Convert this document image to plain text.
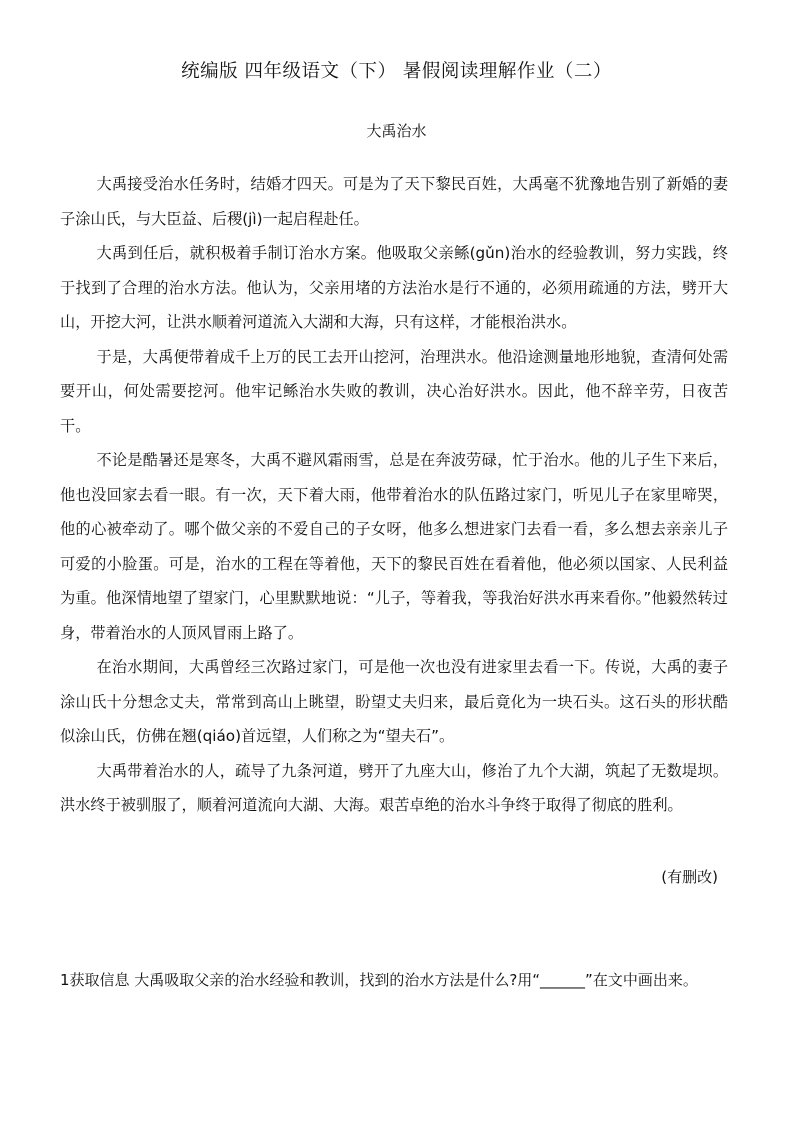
统编版 四年级语文（下） 暑假阅读理解作业（二）
大禹治水

大禹接受治水任务时，结婚才四天。可是为了天下黎民百姓，大禹毫不犹豫地告别了新婚的妻子涂山氏，与大臣益、后稷(jì)一起启程赴任。

大禹到任后，就积极着手制订治水方案。他吸取父亲鲧(gǔn)治水的经验教训，努力实践，终于找到了合理的治水方法。他认为，父亲用堵的方法治水是行不通的，必须用疏通的方法，劈开大山，开挖大河，让洪水顺着河道流入大湖和大海，只有这样，才能根治洪水。

于是，大禹便带着成千上万的民工去开山挖河，治理洪水。他沿途测量地形地貌，查清何处需要开山，何处需要挖河。他牢记鲧治水失败的教训，决心治好洪水。因此，他不辞辛劳，日夜苦干。

不论是酷暑还是寒冬，大禹不避风霜雨雪，总是在奔波劳碌，忙于治水。他的儿子生下来后，他也没回家去看一眼。有一次，天下着大雨，他带着治水的队伍路过家门，听见儿子在家里啼哭，他的心被牵动了。哪个做父亲的不爱自己的子女呀，他多么想进家门去看一看，多么想去亲亲儿子可爱的小脸蛋。可是，治水的工程在等着他，天下的黎民百姓在看着他，他必须以国家、人民利益为重。他深情地望了望家门，心里默默地说：“儿子，等着我，等我治好洪水再来看你。”他毅然转过身，带着治水的人顶风冒雨上路了。

在治水期间，大禹曾经三次路过家门，可是他一次也没有进家里去看一下。传说，大禹的妻子涂山氏十分想念丈夫，常常到高山上眺望，盼望丈夫归来，最后竟化为一块石头。这石头的形状酷似涂山氏，仿佛在翘(qiáo)首远望，人们称之为“望夫石”。

大禹带着治水的人，疏导了九条河道，劈开了九座大山，修治了九个大湖，筑起了无数堤坝。洪水终于被驯服了，顺着河道流向大湖、大海。艰苦卓绝的治水斗争终于取得了彻底的胜利。

(有删改)
1获取信息 大禹吸取父亲的治水经验和教训，找到的治水方法是什么?用“______”在文中画出来。
